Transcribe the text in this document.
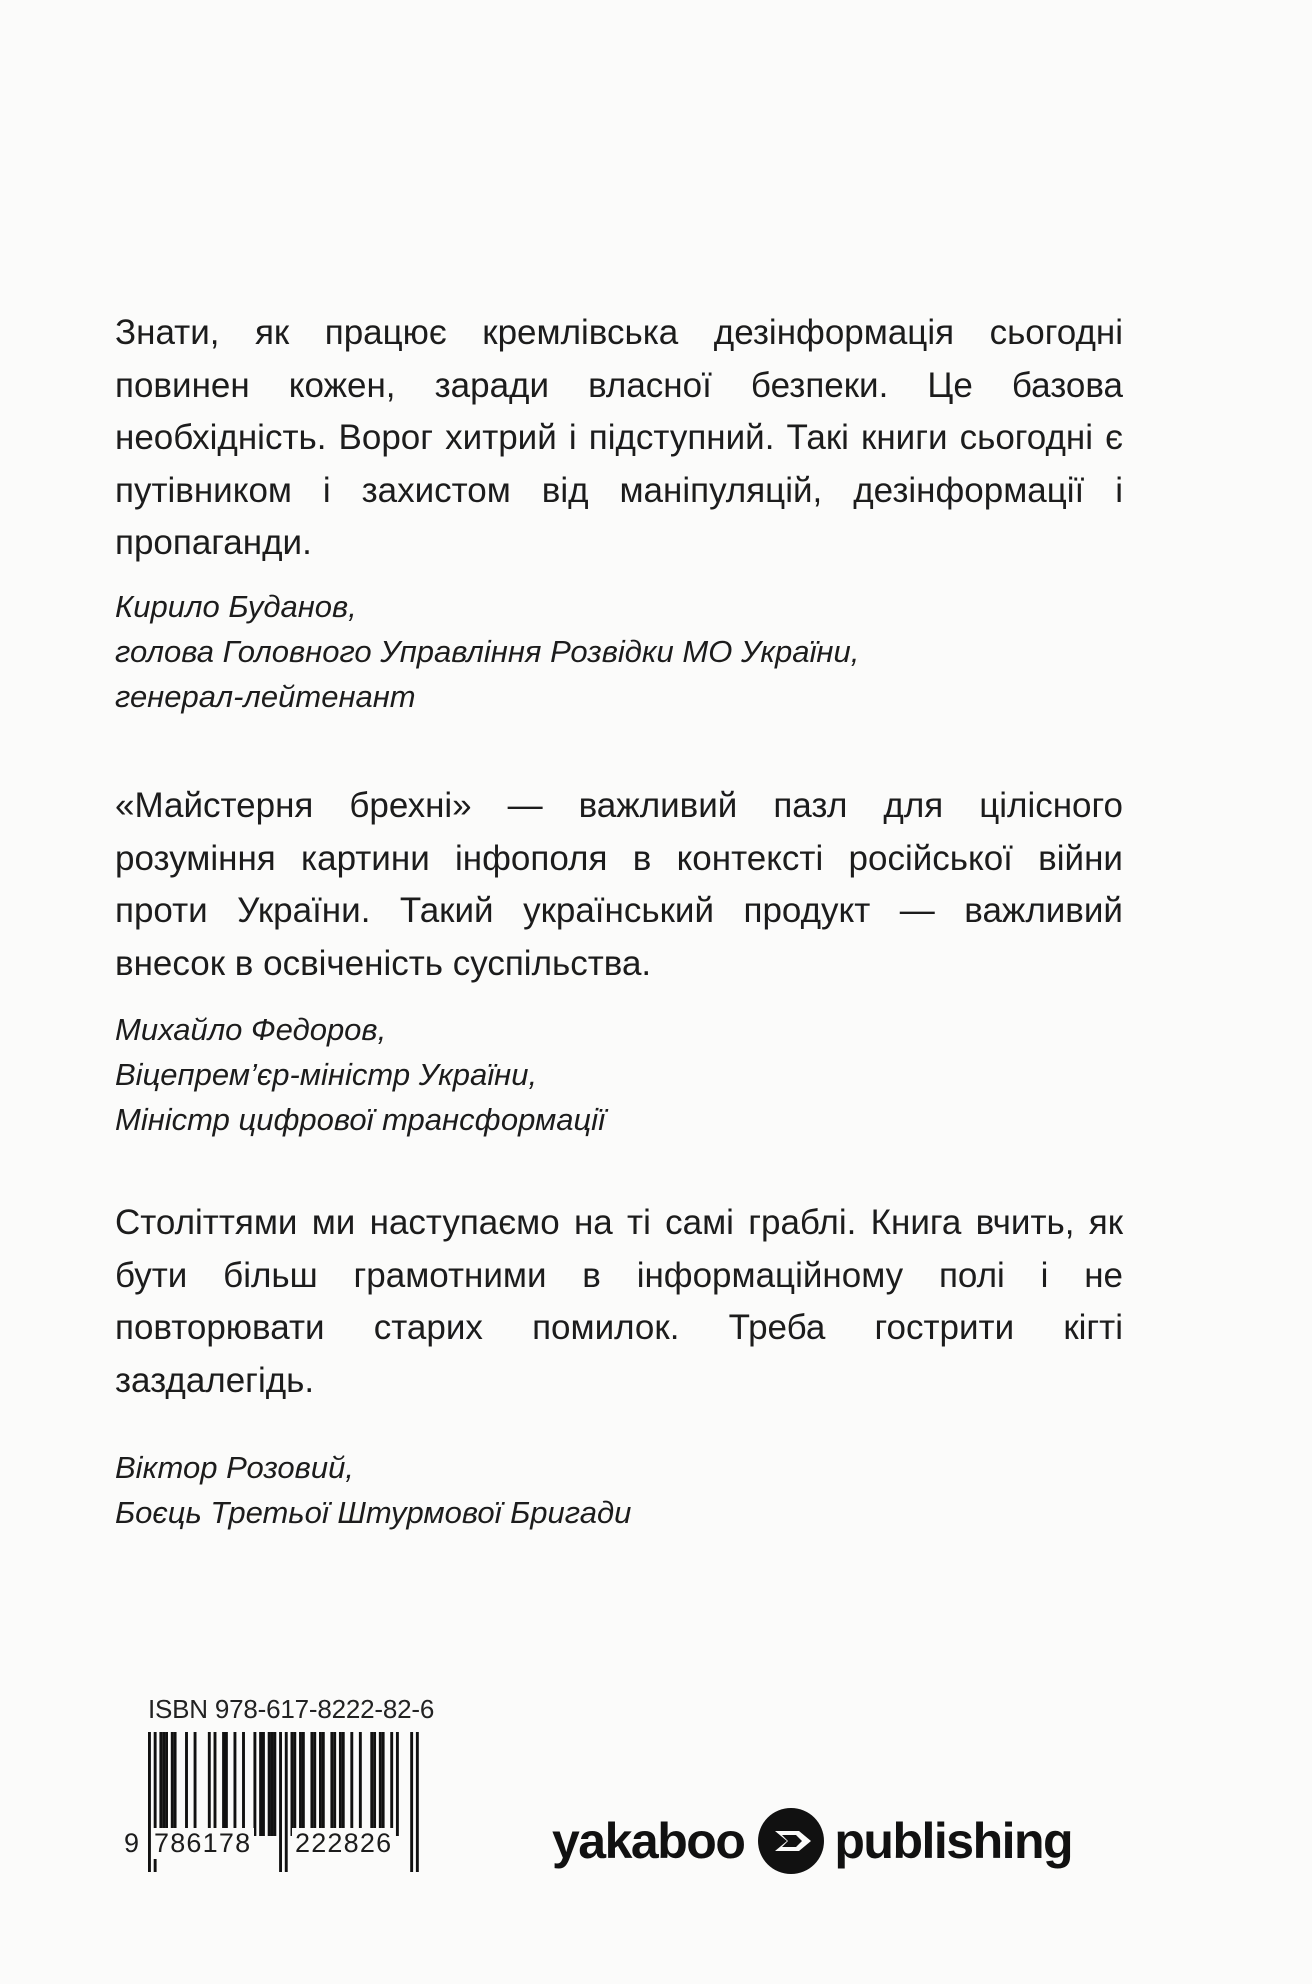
Знати, як працює кремлівська дезінформація сьогодні повинен кожен, заради власної безпеки. Це базова необхідність. Ворог хитрий і підступний. Такі книги сьогодні є путівником і захистом від маніпуляцій, дезінформації і пропаганди.

Кирило Буданов,
голова Головного Управління Розвідки МО України,
генерал-лейтенант

«Майстерня брехні» — важливий пазл для цілісного розуміння картини інфополя в контексті російської війни проти України. Такий український продукт — важливий внесок в освіченість суспільства.

Михайло Федоров,
Віцепрем’єр-міністр України,
Міністр цифрової трансформації

Століттями ми наступаємо на ті самі граблі. Книга вчить, як бути більш грамотними в інформаційному полі і не повторювати старих помилок. Треба гострити кігті заздалегідь.

Віктор Розовий,
Боєць Третьої Штурмової Бригади
ISBN 978-617-8222-82-6
9 786178 222826	yakaboo publishing
